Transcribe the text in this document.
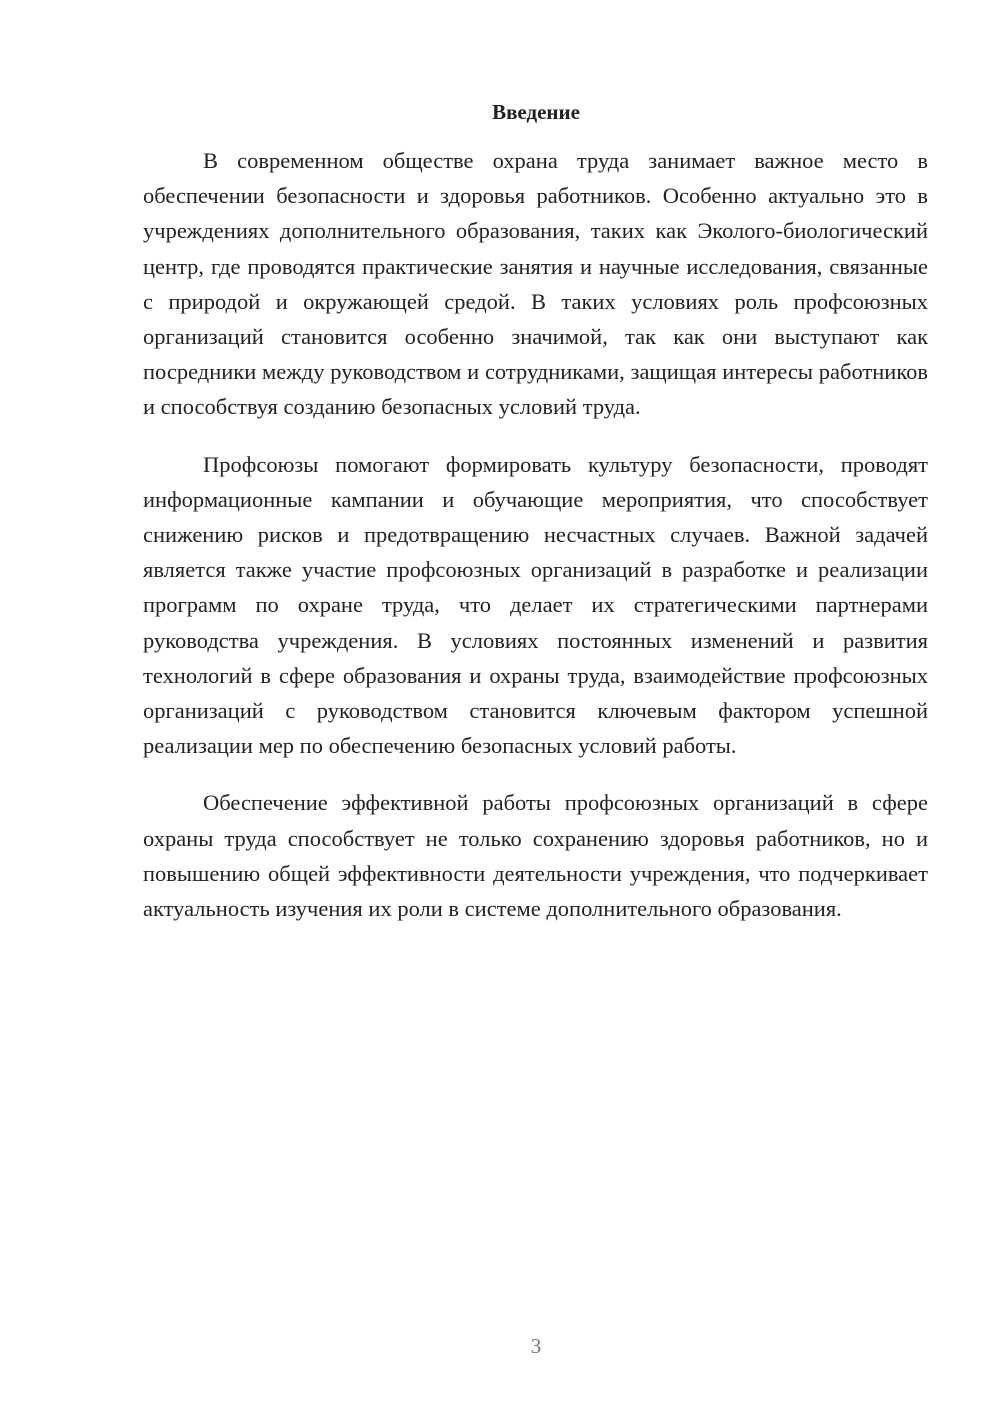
Введение

В современном обществе охрана труда занимает важное место в обеспечении безопасности и здоровья работников. Особенно актуально это в учреждениях дополнительного образования, таких как Эколого-биологический центр, где проводятся практические занятия и научные исследования, связанные с природой и окружающей средой. В таких условиях роль профсоюзных организаций становится особенно значимой, так как они выступают как посредники между руководством и сотрудниками, защищая интересы работников и способствуя созданию безопасных условий труда.

Профсоюзы помогают формировать культуру безопасности, проводят информационные кампании и обучающие мероприятия, что способствует снижению рисков и предотвращению несчастных случаев. Важной задачей является также участие профсоюзных организаций в разработке и реализации программ по охране труда, что делает их стратегическими партнерами руководства учреждения. В условиях постоянных изменений и развития технологий в сфере образования и охраны труда, взаимодействие профсоюзных организаций с руководством становится ключевым фактором успешной реализации мер по обеспечению безопасных условий работы.

Обеспечение эффективной работы профсоюзных организаций в сфере охраны труда способствует не только сохранению здоровья работников, но и повышению общей эффективности деятельности учреждения, что подчеркивает актуальность изучения их роли в системе дополнительного образования.

3
